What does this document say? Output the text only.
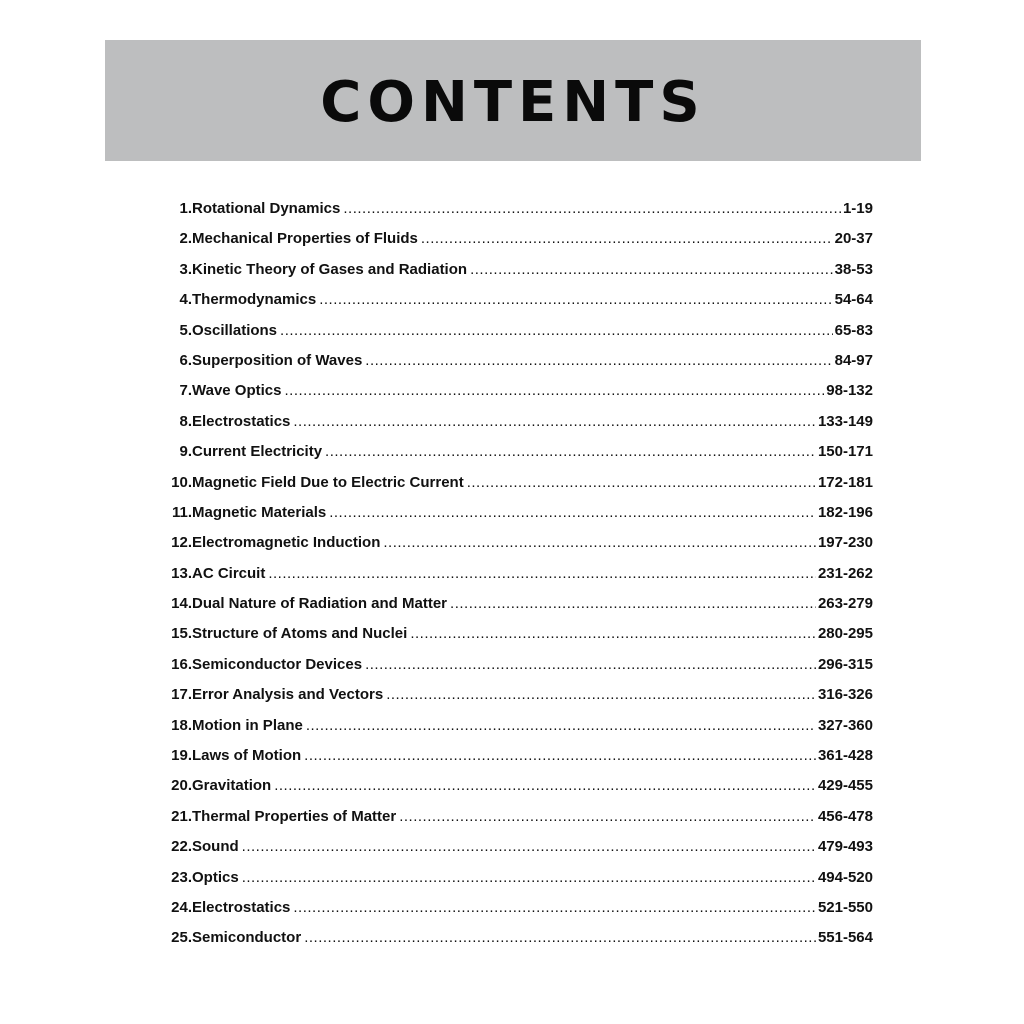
CONTENTS
1. Rotational Dynamics .....	1-19
2. Mechanical Properties of Fluids .....	20-37
3. Kinetic Theory of Gases and Radiation .....	38-53
4. Thermodynamics .....	54-64
5. Oscillations .....	65-83
6. Superposition of Waves .....	84-97
7. Wave Optics .....	98-132
8. Electrostatics .....	133-149
9. Current Electricity .....	150-171
10. Magnetic Field Due to Electric Current .....	172-181
11. Magnetic Materials .....	182-196
12. Electromagnetic Induction .....	197-230
13. AC Circuit .....	231-262
14. Dual Nature of Radiation and Matter .....	263-279
15. Structure of Atoms and Nuclei .....	280-295
16. Semiconductor Devices .....	296-315
17. Error Analysis and Vectors .....	316-326
18. Motion in Plane .....	327-360
19. Laws of Motion .....	361-428
20. Gravitation .....	429-455
21. Thermal Properties of Matter .....	456-478
22. Sound .....	479-493
23. Optics .....	494-520
24. Electrostatics .....	521-550
25. Semiconductor .....	551-564
